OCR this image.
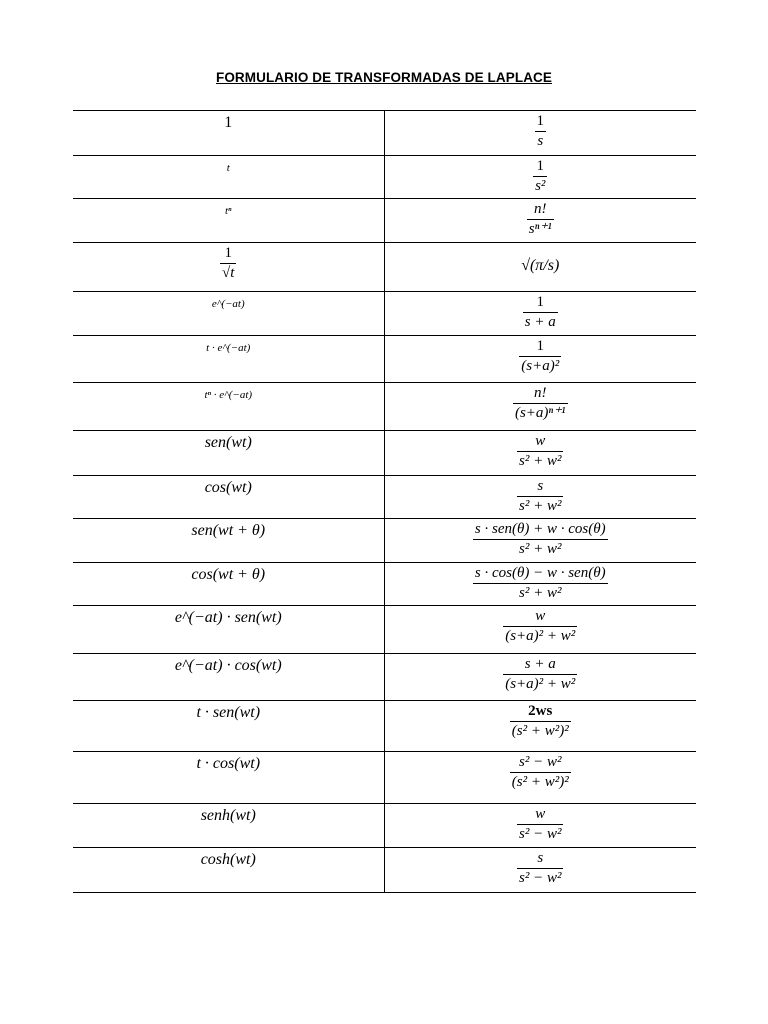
FORMULARIO DE TRANSFORMADAS DE LAPLACE
1	$\frac{1}{s}$

t	$\frac{1}{\text{s²}}$

tⁿ	$\frac{n!}{\text{sⁿ⁺¹}}$

$\frac{1}{√t}$	√(π/s)

e^(−at)	$\frac{1}{s + a}$

t · e^(−at)	$\frac{1}{\text{(s+a)²}}$

tⁿ · e^(−at)	$\frac{n!}{\text{(s+a)ⁿ⁺¹}}$

sen(wt)	$\frac{w}{\text{s² + w²}}$

cos(wt)	$\frac{s}{\text{s² + w²}}$

sen(wt + θ)	$\frac{\text{s · sen(θ) + w · cos(θ)}}{\text{s² + w²}}$

cos(wt + θ)	$\frac{\text{s · cos(θ) − w · sen(θ)}}{\text{s² + w²}}$

e^(−at) · sen(wt)	$\frac{w}{\text{(s+a)² + w²}}$

e^(−at) · cos(wt)	$\frac{s + a}{\text{(s+a)² + w²}}$

t · sen(wt)	$\frac{2ws}{\text{(s² + w²)²}}$

t · cos(wt)	$\frac{\text{s² − w²}}{\text{(s² + w²)²}}$

senh(wt)	$\frac{w}{\text{s² − w²}}$

cosh(wt)	$\frac{s}{\text{s² − w²}}$
